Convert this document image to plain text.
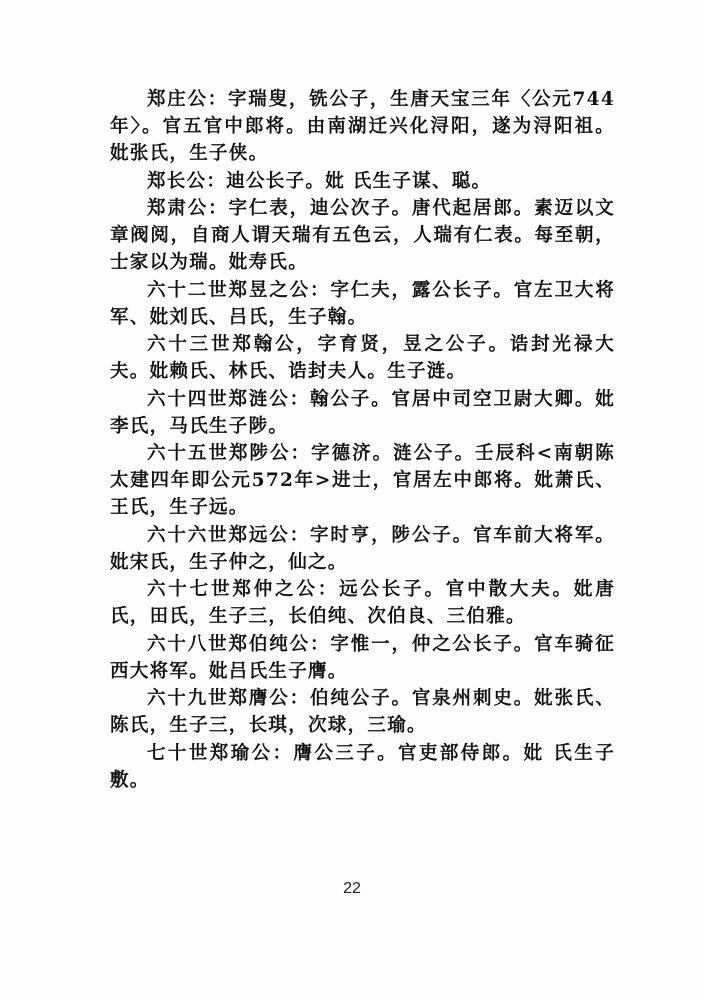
郑庄公：字瑞叟，铣公子，生唐天宝三年〈公元744年〉。官五官中郎将。由南湖迁兴化浔阳，遂为浔阳祖。妣张氏，生子侠。

郑长公：迪公长子。妣 氏生子谋、聪。

郑肃公：字仁表，迪公次子。唐代起居郎。素迈以文章阀阅，自商人谓天瑞有五色云，人瑞有仁表。每至朝，士家以为瑞。妣寿氏。

六十二世郑昱之公：字仁夫，露公长子。官左卫大将军、妣刘氏、吕氏，生子翰。

六十三世郑翰公，字育贤，昱之公子。诰封光禄大夫。妣赖氏、林氏、诰封夫人。生子涟。

六十四世郑涟公：翰公子。官居中司空卫尉大卿。妣李氏，马氏生子陟。

六十五世郑陟公：字德济。涟公子。壬辰科<南朝陈太建四年即公元572年>进士，官居左中郎将。妣萧氏、王氏，生子远。

六十六世郑远公：字时亨，陟公子。官车前大将军。妣宋氏，生子仲之，仙之。

六十七世郑仲之公：远公长子。官中散大夫。妣唐氏，田氏，生子三，长伯纯、次伯良、三伯雅。

六十八世郑伯纯公：字惟一，仲之公长子。官车骑征西大将军。妣吕氏生子膺。

六十九世郑膺公：伯纯公子。官泉州刺史。妣张氏、陈氏，生子三，长琪，次球，三瑜。

七十世郑瑜公：膺公三子。官吏部侍郎。妣 氏生子敷。

22
